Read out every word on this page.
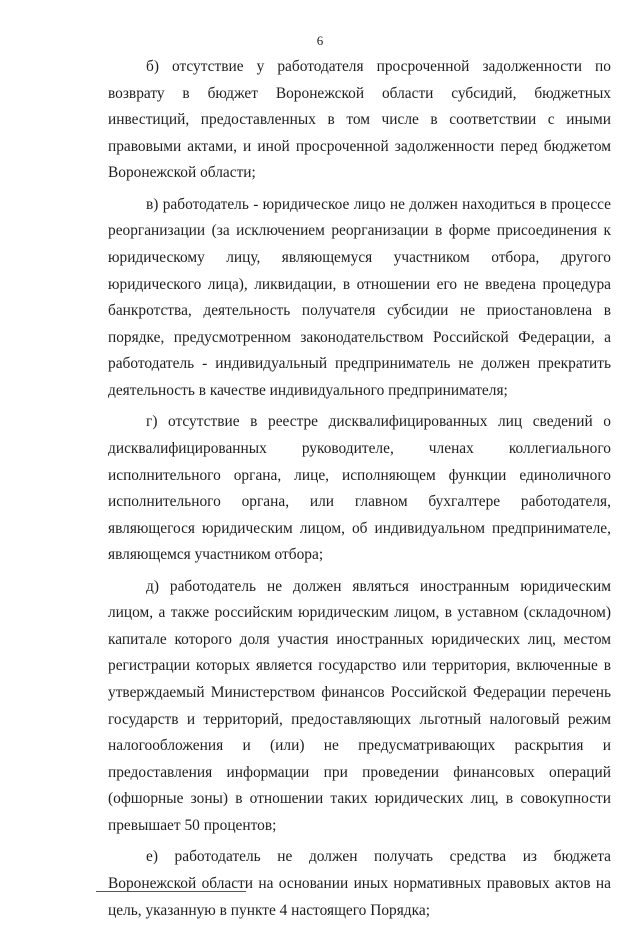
6

б) отсутствие у работодателя просроченной задолженности по возврату в бюджет Воронежской области субсидий, бюджетных инвестиций, предоставленных в том числе в соответствии с иными правовыми актами, и иной просроченной задолженности перед бюджетом Воронежской области;

в) работодатель - юридическое лицо не должен находиться в процессе реорганизации (за исключением реорганизации в форме присоединения к юридическому лицу, являющемуся участником отбора, другого юридического лица), ликвидации, в отношении его не введена процедура банкротства, деятельность получателя субсидии не приостановлена в порядке, предусмотренном законодательством Российской Федерации, а работодатель - индивидуальный предприниматель не должен прекратить деятельность в качестве индивидуального предпринимателя;

г) отсутствие в реестре дисквалифицированных лиц сведений о дисквалифицированных руководителе, членах коллегиального исполнительного органа, лице, исполняющем функции единоличного исполнительного органа, или главном бухгалтере работодателя, являющегося юридическим лицом, об индивидуальном предпринимателе, являющемся участником отбора;

д) работодатель не должен являться иностранным юридическим лицом, а также российским юридическим лицом, в уставном (складочном) капитале которого доля участия иностранных юридических лиц, местом регистрации которых является государство или территория, включенные в утверждаемый Министерством финансов Российской Федерации перечень государств и территорий, предоставляющих льготный налоговый режим налогообложения и (или) не предусматривающих раскрытия и предоставления информации при проведении финансовых операций (офшорные зоны) в отношении таких юридических лиц, в совокупности превышает 50 процентов;

е) работодатель не должен получать средства из бюджета Воронежской области на основании иных нормативных правовых актов на цель, указанную в пункте 4 настоящего Порядка;
